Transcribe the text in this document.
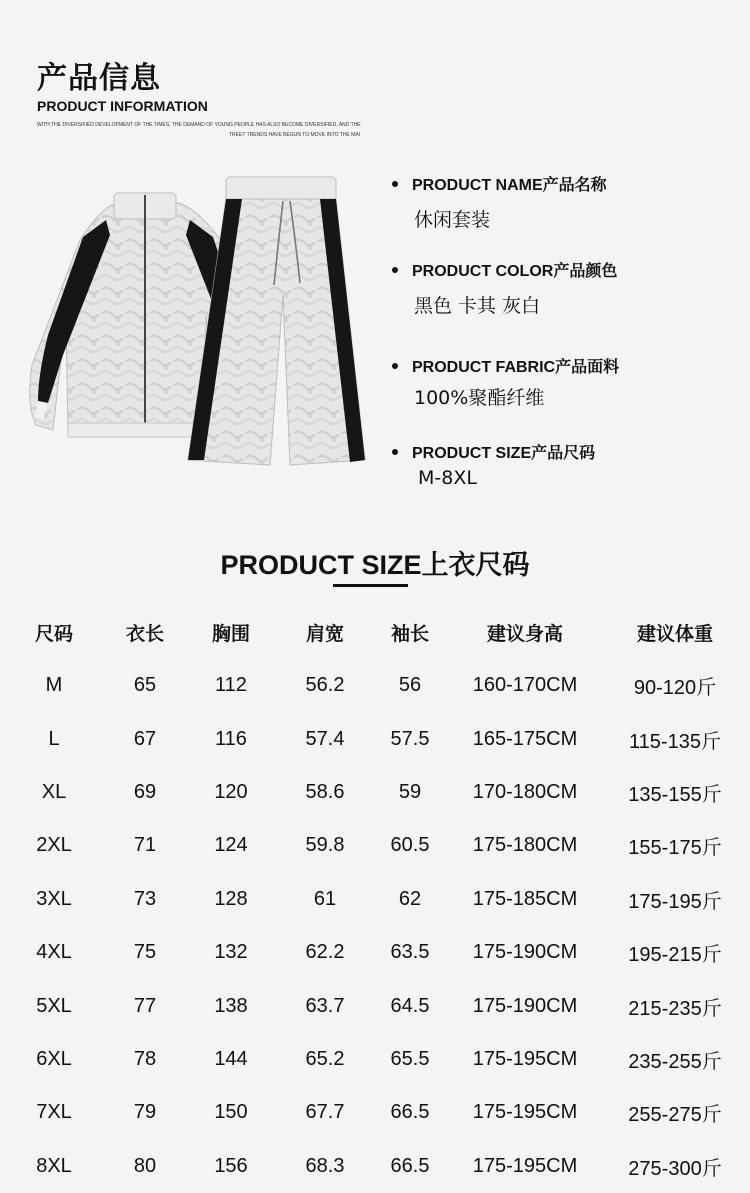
产品信息
PRODUCT INFORMATION
WITH THE DIVERSIFIED DEVELOPMENT OF THE TIMES, THE DEMAND OF YOUNG PEOPLE HAS ALSO BECOME DIVERSIFIED, AND THE
TREET TRENDS HAVE BEGUN TO MOVE INTO THE MAI
PRODUCT NAME产品名称
休闲套装
PRODUCT COLOR产品颜色
黑色 卡其 灰白
PRODUCT FABRIC产品面料
100%聚酯纤维
PRODUCT SIZE产品尺码
M-8XL
PRODUCT SIZE上衣尺码
尺码	衣长	胸围	肩宽	袖长	建议身高	建议体重
M	65	112	56.2	56	160-170CM	90-120斤
L	67	116	57.4	57.5	165-175CM	115-135斤
XL	69	120	58.6	59	170-180CM	135-155斤
2XL	71	124	59.8	60.5	175-180CM	155-175斤
3XL	73	128	61	62	175-185CM	175-195斤
4XL	75	132	62.2	63.5	175-190CM	195-215斤
5XL	77	138	63.7	64.5	175-190CM	215-235斤
6XL	78	144	65.2	65.5	175-195CM	235-255斤
7XL	79	150	67.7	66.5	175-195CM	255-275斤
8XL	80	156	68.3	66.5	175-195CM	275-300斤
